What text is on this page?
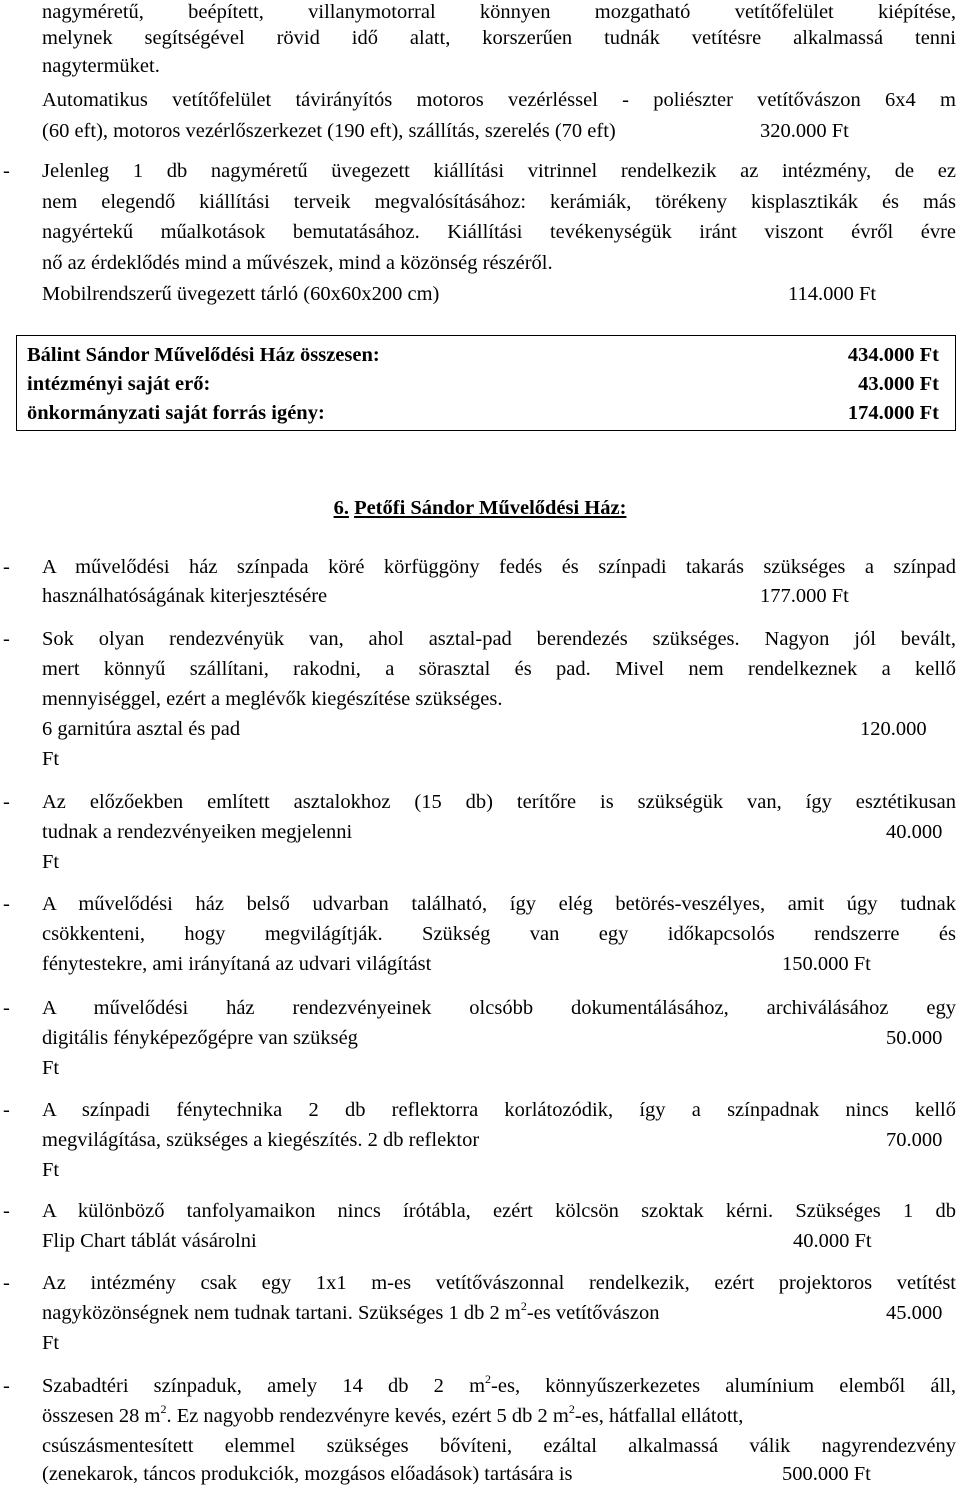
nagyméretű, beépített, villanymotorral könnyen mozgatható vetítőfelület kiépítése,
melynek segítségével rövid idő alatt, korszerűen tudnák vetítésre alkalmassá tenni
nagytermüket.
Automatikus vetítőfelület távirányítós motoros vezérléssel - poliészter vetítővászon 6x4 m
(60 eft), motoros vezérlőszerkezet (190 eft), szállítás, szerelés (70 eft)	320.000 Ft
- Jelenleg 1 db nagyméretű üvegezett kiállítási vitrinnel rendelkezik az intézmény, de ez
nem elegendő kiállítási terveik megvalósításához: kerámiák, törékeny kisplasztikák és más
nagyértekű műalkotások bemutatásához. Kiállítási tevékenységük iránt viszont évről évre
nő az érdeklődés mind a művészek, mind a közönség részéről.
Mobilrendszerű üvegezett tárló (60x60x200 cm)	114.000 Ft
Bálint Sándor Művelődési Ház összesen:	434.000 Ft
intézményi saját erő:	43.000 Ft
önkormányzati saját forrás igény:	174.000 Ft
6. Petőfi Sándor Művelődési Ház:
- A művelődési ház színpada köré körfüggöny fedés és színpadi takarás szükséges a színpad
használhatóságának kiterjesztésére	177.000 Ft
- Sok olyan rendezvényük van, ahol asztal-pad berendezés szükséges. Nagyon jól bevált,
mert könnyű szállítani, rakodni, a sörasztal és pad. Mivel nem rendelkeznek a kellő
mennyiséggel, ezért a meglévők kiegészítése szükséges.
6 garnitúra asztal és pad	120.000
Ft
- Az előzőekben említett asztalokhoz (15 db) terítőre is szükségük van, így esztétikusan
tudnak a rendezvényeiken megjelenni	40.000
Ft
- A művelődési ház belső udvarban található, így elég betörés-veszélyes, amit úgy tudnak
csökkenteni, hogy megvilágítják. Szükség van egy időkapcsolós rendszerre és
fénytestekre, ami irányítaná az udvari világítást	150.000 Ft
- A művelődési ház rendezvényeinek olcsóbb dokumentálásához, archiválásához egy
digitális fényképezőgépre van szükség	50.000
Ft
- A színpadi fénytechnika 2 db reflektorra korlátozódik, így a színpadnak nincs kellő
megvilágítása, szükséges a kiegészítés. 2 db reflektor	70.000
Ft
- A különböző tanfolyamaikon nincs írótábla, ezért kölcsön szoktak kérni. Szükséges 1 db
Flip Chart táblát vásárolni	40.000 Ft
- Az intézmény csak egy 1x1 m-es vetítővászonnal rendelkezik, ezért projektoros vetítést
nagyközönségnek nem tudnak tartani. Szükséges 1 db 2 $m^2-es$ vetítővászon	45.000
Ft
- Szabadtéri színpaduk, amely 14 db 2 $m^2-es$, könnyűszerkezetes alumínium elemből áll,
összesen 28 $m^2$. Ez nagyobb rendezvényre kevés, ezért 5 db 2 $m^2-es$, hátfallal ellátott,
csúszásmentesített elemmel szükséges bővíteni, ezáltal alkalmassá válik nagyrendezvény
(zenekarok, táncos produkciók, mozgásos előadások) tartására is	500.000 Ft
